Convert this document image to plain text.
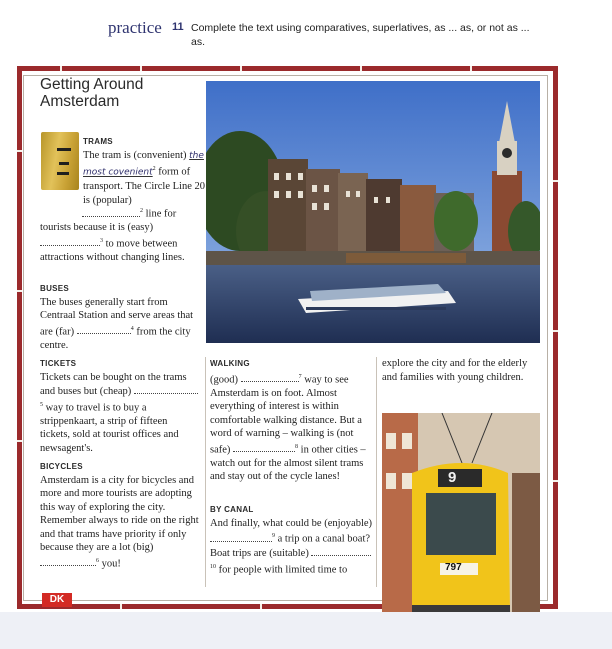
practice 11 Complete the text using comparatives, superlatives, as ... as, or not as ... as.
Getting Around Amsterdam
9
797
TRAMS
The tram is (convenient) the most covenient$^2$ form of transport. The Circle Line 20 is (popular)
$^2$ line for tourists because it is (easy) $^3$ to move between attractions without changing lines.
BUSES
The buses generally start from Centraal Station and serve areas that are (far)	$^4$ from the city centre.
TICKETS
Tickets can be bought on the trams and buses but (cheap) $^5$ way to travel is to buy a strippenkaart, a strip of fifteen tickets, sold at tourist offices and newsagent's.
BICYCLES
Amsterdam is a city for bicycles and more and more tourists are adopting this way of exploring the city. Remember always to ride on the right and that trams have priority if only because they are a lot (big) $^6$ you!
WALKING
(good)	$^7$ way to see Amsterdam is on foot. Almost everything of interest is within comfortable walking distance. But a word of warning – walking is (not safe)	$^8$ in other cities – watch out for the almost silent trams and stay out of the cycle lanes!
BY CANAL
And finally, what could be (enjoyable) $^9$ a trip on a canal boat? Boat trips are (suitable) $^{10}$ for people with limited time to
explore the city and for the elderly and families with young children.
DK
